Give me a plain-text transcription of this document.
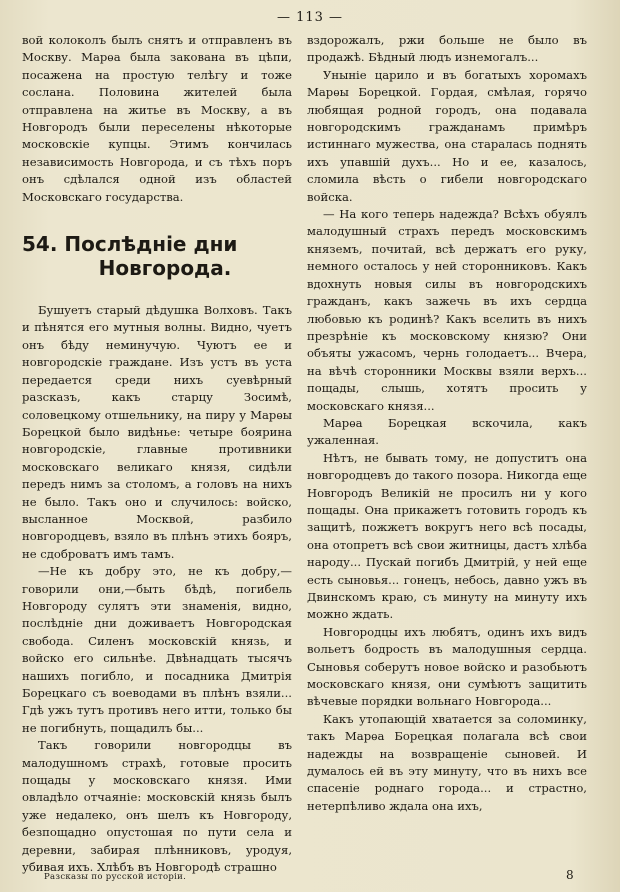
— 113 —

вой колоколъ былъ снятъ и отправленъ въ Москву. Марѳа была закована въ цѣпи, посажена на простую телѣгу и тоже сослана. Половина жителей была отправлена на житье въ Москву, а въ Новгородъ были переселены нѣкоторые московскіе купцы. Этимъ кончилась независимость Новгорода, и съ тѣхъ поръ онъ сдѣлался одной изъ областей Московскаго государства.

54. Послѣдніе дни
Новгорода.

Бушуетъ старый дѣдушка Волховъ. Такъ и пѣнятся его мутныя волны. Видно, чуетъ онъ бѣду неминучую. Чуютъ ее и новгородскіе граждане. Изъ устъ въ уста передается среди нихъ суевѣрный разсказъ, какъ старцу Зосимѣ, соловецкому отшельнику, на пиру у Марѳы Борецкой было видѣнье: четыре боярина новгородскіе, главные противники московскаго великаго князя, сидѣли передъ нимъ за столомъ, а головъ на нихъ не было. Такъ оно и случилось: войско, высланное Москвой, разбило новгородцевъ, взяло въ плѣнъ этихъ бояръ, не сдоброватъ имъ тамъ.

—Не къ добру это, не къ добру,—говорили они,—быть бѣдѣ, погибель Новгороду сулятъ эти знаменія, видно, послѣдніе дни доживаетъ Новгородская свобода. Силенъ московскій князь, и войско его сильнѣе. Двѣнадцать тысячъ нашихъ погибло, и посадника Дмитрія Борецкаго съ воеводами въ плѣнъ взяли... Гдѣ ужъ тутъ противъ него итти, только бы не погибнуть, пощадилъ бы...

Такъ говорили новгородцы въ малодушномъ страхѣ, готовые просить пощады у московскаго князя. Ими овладѣло отчаяніе: московскій князь былъ уже недалеко, онъ шелъ къ Новгороду, безпощадно опустошая по пути села и деревни, забирая плѣнниковъ, уродуя, убивая ихъ. Хлѣбъ въ Новгородѣ страшно

вздорожалъ, ржи больше не было въ продажѣ. Бѣдный людъ изнемогалъ...

Уныніе царило и въ богатыхъ хоромахъ Марѳы Борецкой. Гордая, смѣлая, горячо любящая родной городъ, она подавала новгородскимъ гражданамъ примѣръ истиннаго мужества, она старалась поднять ихъ упавшій духъ... Но и ее, казалось, сломила вѣсть о гибели новгородскаго войска.

— На кого теперь надежда? Всѣхъ обуялъ малодушный страхъ передъ московскимъ княземъ, почитай, всѣ держатъ его руку, немного осталось у ней сторонниковъ. Какъ вдохнуть новыя силы въ новгородскихъ гражданъ, какъ зажечь въ ихъ сердца любовью къ родинѣ? Какъ вселить въ нихъ презрѣніе къ московскому князю? Они объяты ужасомъ, чернь голодаетъ... Вчера, на вѣчѣ сторонники Москвы взяли верхъ... пощады, слышь, хотятъ просить у московскаго князя...

Марѳа Борецкая вскочила, какъ ужаленная.

Нѣтъ, не бывать тому, не допуститъ она новгородцевъ до такого позора. Никогда еще Новгородъ Великій не просилъ ни у кого пощады. Она прикажетъ готовить городъ къ защитѣ, пожжетъ вокругъ него всѣ посады, она отопретъ всѣ свои житницы, дастъ хлѣба народу... Пускай погибъ Дмитрій, у ней еще есть сыновья... гонецъ, небось, давно ужъ въ Двинскомъ краю, съ минуту на минуту ихъ можно ждать.

Новгородцы ихъ любятъ, одинъ ихъ видъ вольетъ бодрость въ малодушныя сердца. Сыновья соберутъ новое войско и разобьютъ московскаго князя, они сумѣютъ защитить вѣчевые порядки вольнаго Новгорода...

Какъ утопающій хватается за соломинку, такъ Марѳа Борецкая полагала всѣ свои надежды на возвращеніе сыновей. И думалось ей въ эту минуту, что въ нихъ все спасеніе роднаго города... и страстно, нетерпѣливо ждала она ихъ,

Разсказы по русской исторіи.	8
